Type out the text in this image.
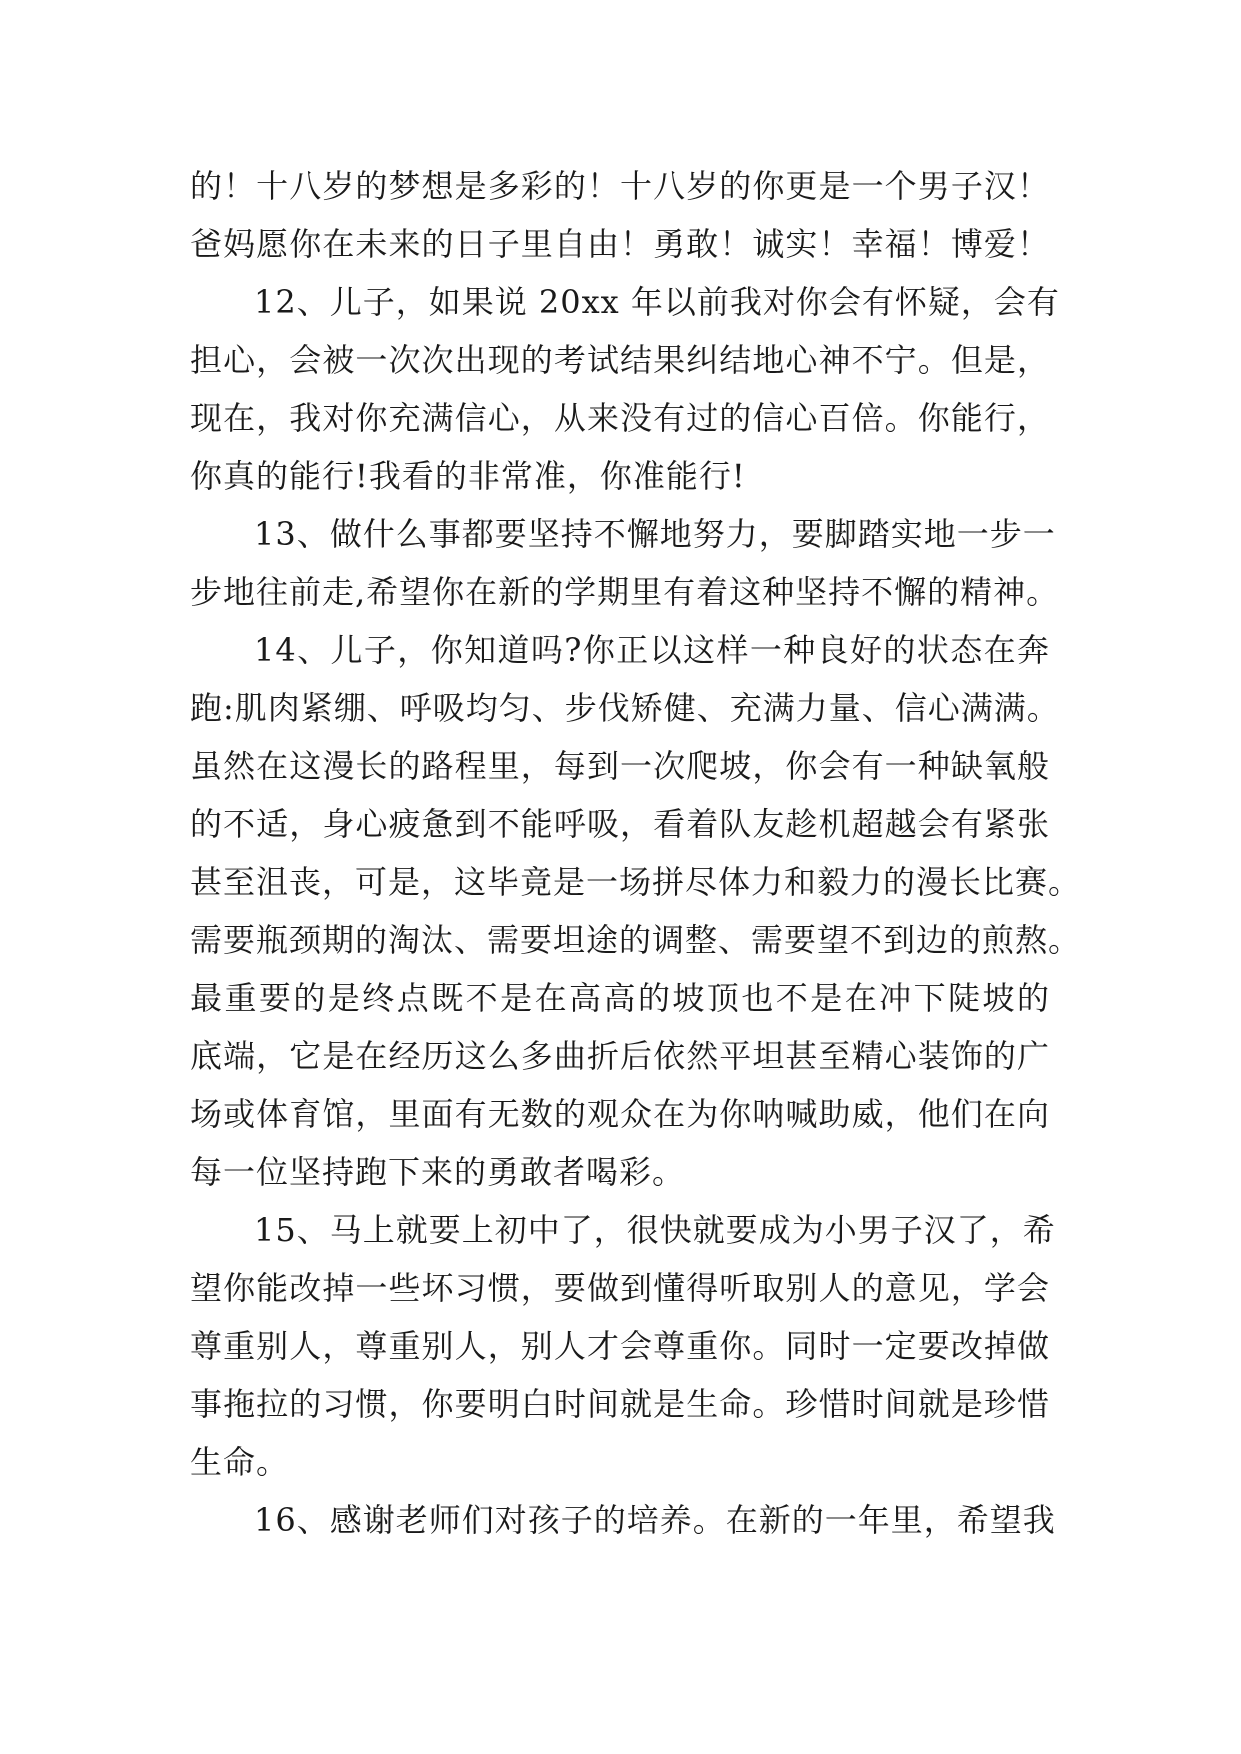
的！十八岁的梦想是多彩的！十八岁的你更是一个男子汉！
爸妈愿你在未来的日子里自由！勇敢！诚实！幸福！博爱！
12、儿子，如果说 20xx 年以前我对你会有怀疑，会有
担心，会被一次次出现的考试结果纠结地心神不宁。但是，
现在，我对你充满信心，从来没有过的信心百倍。你能行，
你真的能行!我看的非常准，你准能行!
13、做什么事都要坚持不懈地努力，要脚踏实地一步一
步地往前走,希望你在新的学期里有着这种坚持不懈的精神。
14、儿子，你知道吗?你正以这样一种良好的状态在奔
跑:肌肉紧绷、呼吸均匀、步伐矫健、充满力量、信心满满。
虽然在这漫长的路程里，每到一次爬坡，你会有一种缺氧般
的不适，身心疲惫到不能呼吸，看着队友趁机超越会有紧张
甚至沮丧，可是，这毕竟是一场拼尽体力和毅力的漫长比赛。
需要瓶颈期的淘汰、需要坦途的调整、需要望不到边的煎熬。
最重要的是终点既不是在高高的坡顶也不是在冲下陡坡的
底端，它是在经历这么多曲折后依然平坦甚至精心装饰的广
场或体育馆，里面有无数的观众在为你呐喊助威，他们在向
每一位坚持跑下来的勇敢者喝彩。
15、马上就要上初中了，很快就要成为小男子汉了，希
望你能改掉一些坏习惯，要做到懂得听取别人的意见，学会
尊重别人，尊重别人，别人才会尊重你。同时一定要改掉做
事拖拉的习惯，你要明白时间就是生命。珍惜时间就是珍惜
生命。
16、感谢老师们对孩子的培养。在新的一年里，希望我
